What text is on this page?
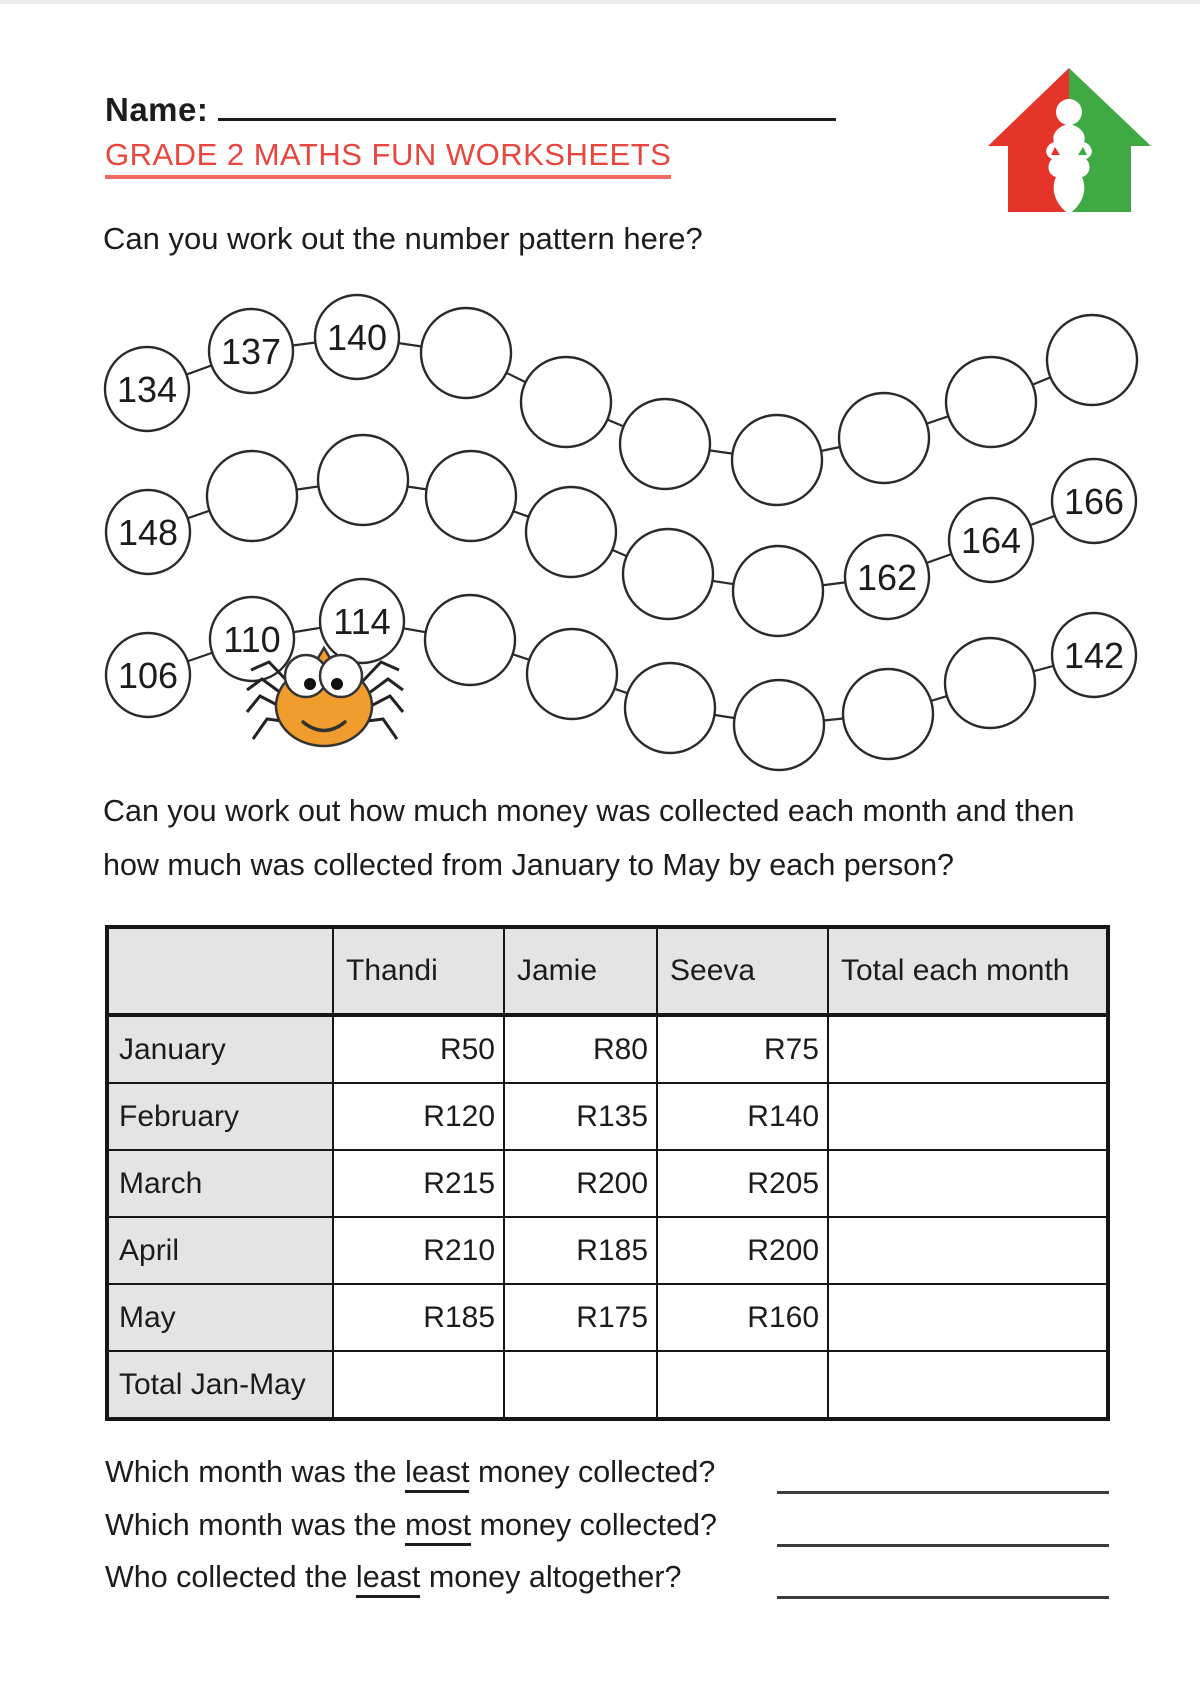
Name:
GRADE 2 MATHS FUN WORKSHEETS
Can you work out the number pattern here?
134
137 140
148
162
164
166
106
110 114
142
Can you work out how much money was collected each month and then
how much was collected from January to May by each person?
	Thandi	Jamie	Seeva	Total each month
January	R50	R80	R75	
February	R120	R135	R140	
March	R215	R200	R205	
April	R210	R185	R200	
May	R185	R175	R160	
Total Jan-May				
Which month was the least money collected?
Which month was the most money collected?
Who collected the least money altogether?
